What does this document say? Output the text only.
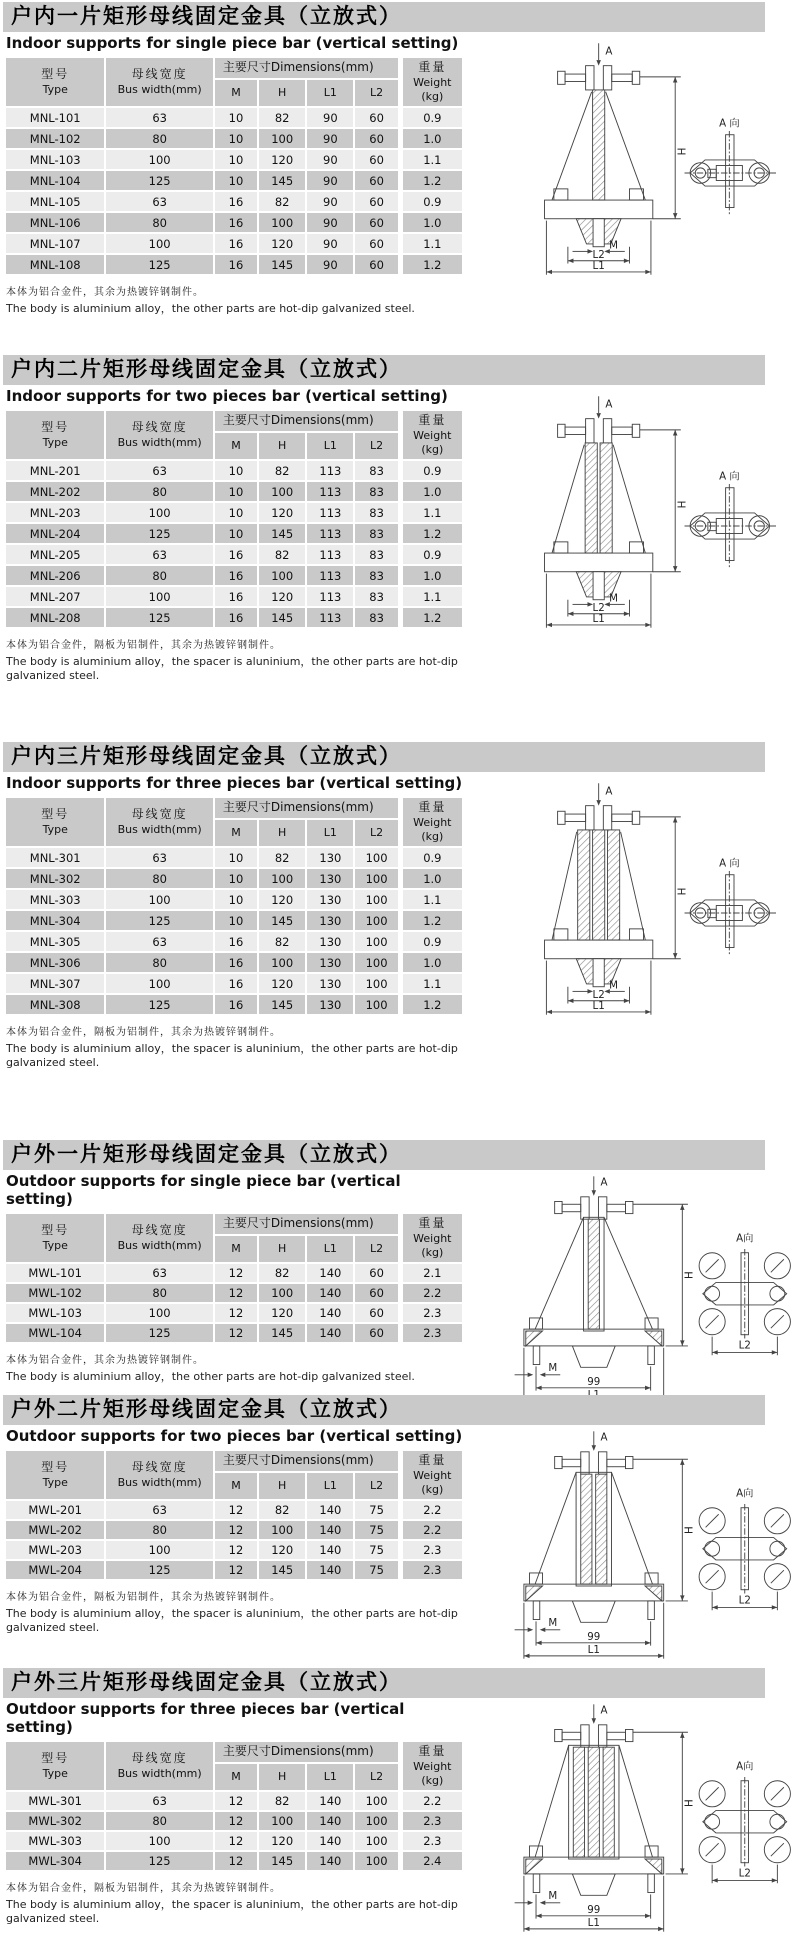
户内一片矩形母线固定金具（立放式）
Indoor supports for single piece bar (vertical setting)
型号
Type	母线宽度
Bus width(mm)	主要尺寸Dimensions(mm)				重量
Weight (kg)
		M	H	L1	L2	
MNL-101	63	10	82	90	60	0.9
MNL-102	80	10	100	90	60	1.0
MNL-103	100	10	120	90	60	1.1
MNL-104	125	10	145	90	60	1.2
MNL-105	63	16	82	90	60	0.9
MNL-106	80	16	100	90	60	1.0
MNL-107	100	16	120	90	60	1.1
MNL-108	125	16	145	90	60	1.2
本体为铝合金件，其余为热镀锌钢制件。
The body is aluminium alloy，the other parts are hot-dip galvanized steel.
A
H
M
L2
L1
A 向
户内二片矩形母线固定金具（立放式）
Indoor supports for two pieces bar (vertical setting)
型号
Type	母线宽度
Bus width(mm)	主要尺寸Dimensions(mm)				重量
Weight (kg)
		M	H	L1	L2	
MNL-201	63	10	82	113	83	0.9
MNL-202	80	10	100	113	83	1.0
MNL-203	100	10	120	113	83	1.1
MNL-204	125	10	145	113	83	1.2
MNL-205	63	16	82	113	83	0.9
MNL-206	80	16	100	113	83	1.0
MNL-207	100	16	120	113	83	1.1
MNL-208	125	16	145	113	83	1.2
本体为铝合金件，隔板为铝制件，其余为热镀锌钢制件。
The body is aluminium alloy，the spacer is aluninium，the other parts are hot-dip galvanized steel.
A
H
M
L2
L1
A 向
户内三片矩形母线固定金具（立放式）
Indoor supports for three pieces bar (vertical setting)
型号
Type	母线宽度
Bus width(mm)	主要尺寸Dimensions(mm)				重量
Weight (kg)
		M	H	L1	L2	
MNL-301	63	10	82	130	100	0.9
MNL-302	80	10	100	130	100	1.0
MNL-303	100	10	120	130	100	1.1
MNL-304	125	10	145	130	100	1.2
MNL-305	63	16	82	130	100	0.9
MNL-306	80	16	100	130	100	1.0
MNL-307	100	16	120	130	100	1.1
MNL-308	125	16	145	130	100	1.2
本体为铝合金件，隔板为铝制件，其余为热镀锌钢制件。
The body is aluminium alloy，the spacer is aluninium，the other parts are hot-dip galvanized steel.
A
H
M
L2
L1
A 向
户外一片矩形母线固定金具（立放式）
Outdoor supports for single piece bar (vertical setting)
型号
Type	母线宽度
Bus width(mm)	主要尺寸Dimensions(mm)				重量
Weight (kg)
		M	H	L1	L2	
MWL-101	63	12	82	140	60	2.1
MWL-102	80	12	100	140	60	2.2
MWL-103	100	12	120	140	60	2.3
MWL-104	125	12	145	140	60	2.3
本体为铝合金件，其余为热镀锌钢制件。
The body is aluminium alloy，the other parts are hot-dip galvanized steel.
A
H
M
99
L2
A向
户外二片矩形母线固定金具（立放式）
Outdoor supports for two pieces bar (vertical setting)
型号
Type	母线宽度
Bus width(mm)	主要尺寸Dimensions(mm)				重量
Weight (kg)
		M	H	L1	L2	
MWL-201	63	12	82	140	75	2.2
MWL-202	80	12	100	140	75	2.2
MWL-203	100	12	120	140	75	2.3
MWL-204	125	12	145	140	75	2.3
本体为铝合金件，隔板为铝制件，其余为热镀锌钢制件。
The body is aluminium alloy，the spacer is aluninium，the other parts are hot-dip galvanized steel.
A
H
M
99
L1
L2
A向
户外三片矩形母线固定金具（立放式）
Outdoor supports for three pieces bar (vertical setting)
型号
Type	母线宽度
Bus width(mm)	主要尺寸Dimensions(mm)				重量
Weight (kg)
		M	H	L1	L2	
MWL-301	63	12	82	140	100	2.2
MWL-302	80	12	100	140	100	2.3
MWL-303	100	12	120	140	100	2.3
MWL-304	125	12	145	140	100	2.4
本体为铝合金件，隔板为铝制件，其余为热镀锌钢制件。
The body is aluminium alloy，the spacer is aluninium，the other parts are hot-dip galvanized steel.
A
H
M
99
L1
L2
A向
